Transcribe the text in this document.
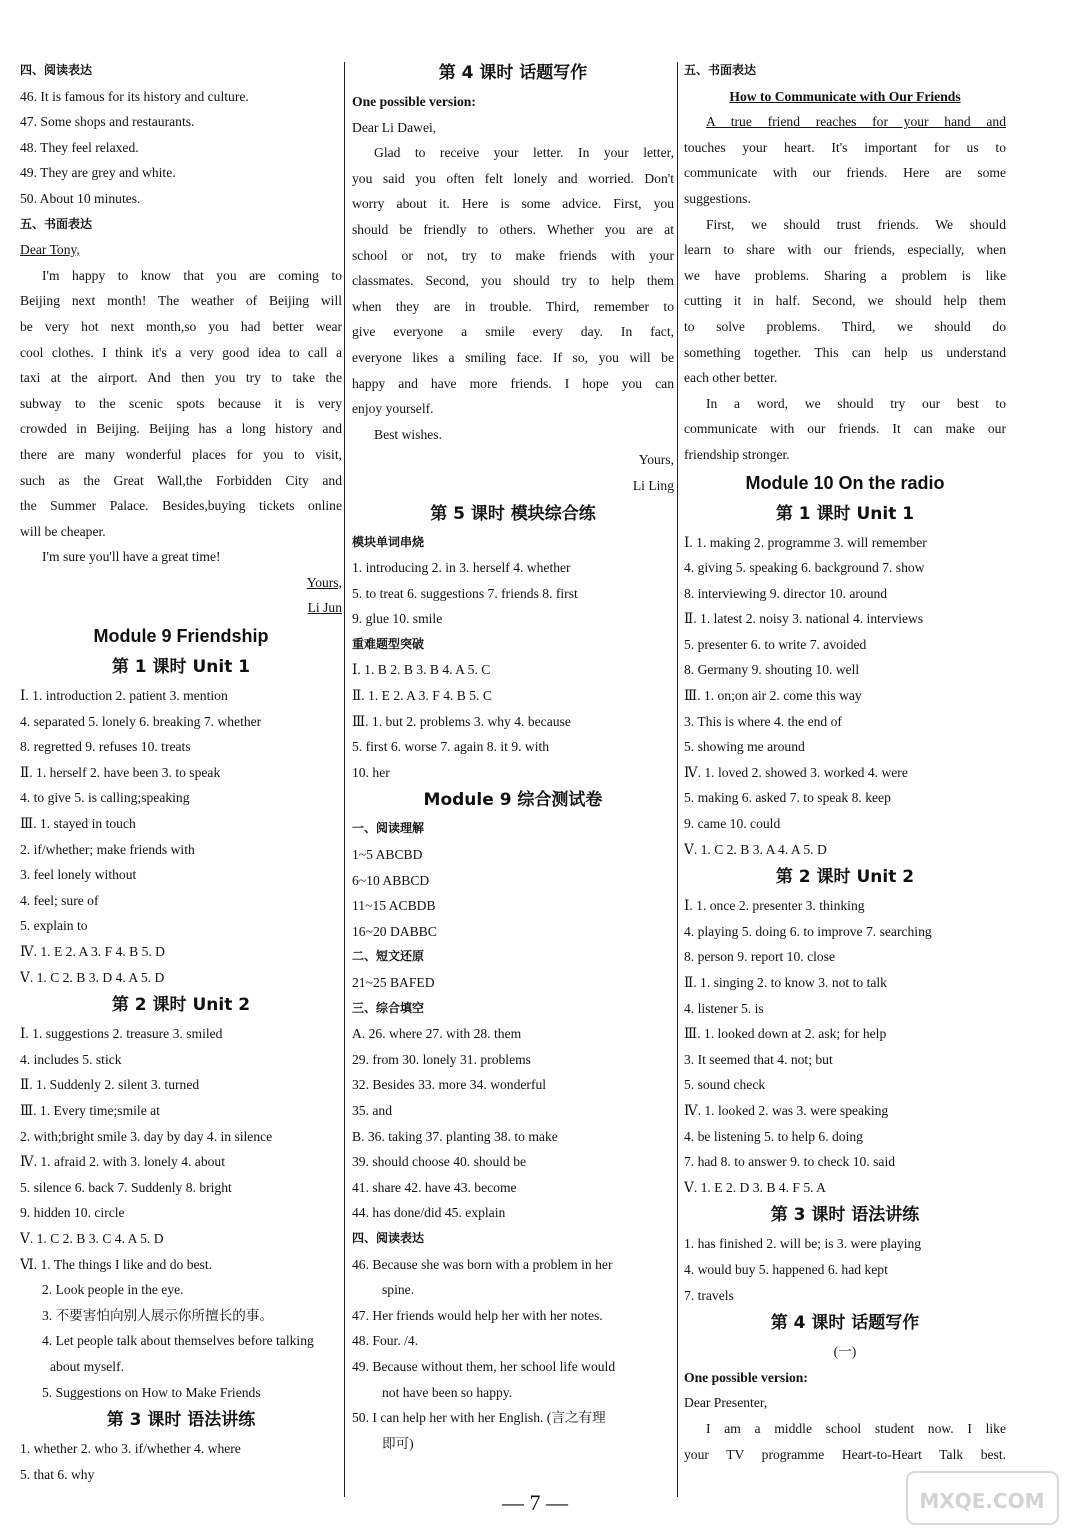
四、阅读表达
46. It is famous for its history and culture.
47. Some shops and restaurants.
48. They feel relaxed.
49. They are grey and white.
50. About 10 minutes.
五、书面表达
Dear Tony,
I'm happy to know that you are coming to
Beijing next month! The weather of Beijing will
be very hot next month,so you had better wear
cool clothes. I think it's a very good idea to call a
taxi at the airport. And then you try to take the
subway to the scenic spots because it is very
crowded in Beijing. Beijing has a long history and
there are many wonderful places for you to visit,
such as the Great Wall,the Forbidden City and
the Summer Palace. Besides,buying tickets online
will be cheaper.
I'm sure you'll have a great time!
Yours,
Li Jun
Module 9 Friendship
第 1 课时 Unit 1
Ⅰ. 1. introduction 2. patient 3. mention
4. separated 5. lonely 6. breaking 7. whether
8. regretted 9. refuses 10. treats
Ⅱ. 1. herself 2. have been 3. to speak
4. to give 5. is calling;speaking
Ⅲ. 1. stayed in touch
2. if/whether; make friends with
3. feel lonely without
4. feel; sure of
5. explain to
Ⅳ. 1. E 2. A 3. F 4. B 5. D
Ⅴ. 1. C 2. B 3. D 4. A 5. D
第 2 课时 Unit 2
Ⅰ. 1. suggestions 2. treasure 3. smiled
4. includes 5. stick
Ⅱ. 1. Suddenly 2. silent 3. turned
Ⅲ. 1. Every time;smile at
2. with;bright smile 3. day by day 4. in silence
Ⅳ. 1. afraid 2. with 3. lonely 4. about
5. silence 6. back 7. Suddenly 8. bright
9. hidden 10. circle
Ⅴ. 1. C 2. B 3. C 4. A 5. D
Ⅵ. 1. The things I like and do best.
2. Look people in the eye.
3. 不要害怕向别人展示你所擅长的事。
4. Let people talk about themselves before talking
about myself.
5. Suggestions on How to Make Friends
第 3 课时 语法讲练
1. whether 2. who 3. if/whether 4. where
5. that 6. why
第 4 课时 话题写作
One possible version:
Dear Li Dawei,
Glad to receive your letter. In your letter,
you said you often felt lonely and worried. Don't
worry about it. Here is some advice. First, you
should be friendly to others. Whether you are at
school or not, try to make friends with your
classmates. Second, you should try to help them
when they are in trouble. Third, remember to
give everyone a smile every day. In fact,
everyone likes a smiling face. If so, you will be
happy and have more friends. I hope you can
enjoy yourself.
Best wishes.
Yours,
Li Ling
第 5 课时 模块综合练
模块单词串烧
1. introducing 2. in 3. herself 4. whether
5. to treat 6. suggestions 7. friends 8. first
9. glue 10. smile
重难题型突破
Ⅰ. 1. B 2. B 3. B 4. A 5. C
Ⅱ. 1. E 2. A 3. F 4. B 5. C
Ⅲ. 1. but 2. problems 3. why 4. because
5. first 6. worse 7. again 8. it 9. with
10. her
Module 9 综合测试卷
一、阅读理解
1~5 ABCBD
6~10 ABBCD
11~15 ACBDB
16~20 DABBC
二、短文还原
21~25 BAFED
三、综合填空
A. 26. where 27. with 28. them
29. from 30. lonely 31. problems
32. Besides 33. more 34. wonderful
35. and
B. 36. taking 37. planting 38. to make
39. should choose 40. should be
41. share 42. have 43. become
44. has done/did 45. explain
四、阅读表达
46. Because she was born with a problem in her
spine.
47. Her friends would help her with her notes.
48. Four. /4.
49. Because without them, her school life would
not have been so happy.
50. I can help her with her English. (言之有理
即可)
五、书面表达
How to Communicate with Our Friends
A true friend reaches for your hand and
touches your heart. It's important for us to
communicate with our friends. Here are some
suggestions.
First, we should trust friends. We should
learn to share with our friends, especially, when
we have problems. Sharing a problem is like
cutting it in half. Second, we should help them
to solve problems. Third, we should do
something together. This can help us understand
each other better.
In a word, we should try our best to
communicate with our friends. It can make our
friendship stronger.
Module 10 On the radio
第 1 课时 Unit 1
Ⅰ. 1. making 2. programme 3. will remember
4. giving 5. speaking 6. background 7. show
8. interviewing 9. director 10. around
Ⅱ. 1. latest 2. noisy 3. national 4. interviews
5. presenter 6. to write 7. avoided
8. Germany 9. shouting 10. well
Ⅲ. 1. on;on air 2. come this way
3. This is where 4. the end of
5. showing me around
Ⅳ. 1. loved 2. showed 3. worked 4. were
5. making 6. asked 7. to speak 8. keep
9. came 10. could
Ⅴ. 1. C 2. B 3. A 4. A 5. D
第 2 课时 Unit 2
Ⅰ. 1. once 2. presenter 3. thinking
4. playing 5. doing 6. to improve 7. searching
8. person 9. report 10. close
Ⅱ. 1. singing 2. to know 3. not to talk
4. listener 5. is
Ⅲ. 1. looked down at 2. ask; for help
3. It seemed that 4. not; but
5. sound check
Ⅳ. 1. looked 2. was 3. were speaking
4. be listening 5. to help 6. doing
7. had 8. to answer 9. to check 10. said
Ⅴ. 1. E 2. D 3. B 4. F 5. A
第 3 课时 语法讲练
1. has finished 2. will be; is 3. were playing
4. would buy 5. happened 6. had kept
7. travels
第 4 课时 话题写作
(一)
One possible version:
Dear Presenter,
I am a middle school student now. I like
your TV programme Heart-to-Heart Talk best.
— 7 —	MXQE.COM
